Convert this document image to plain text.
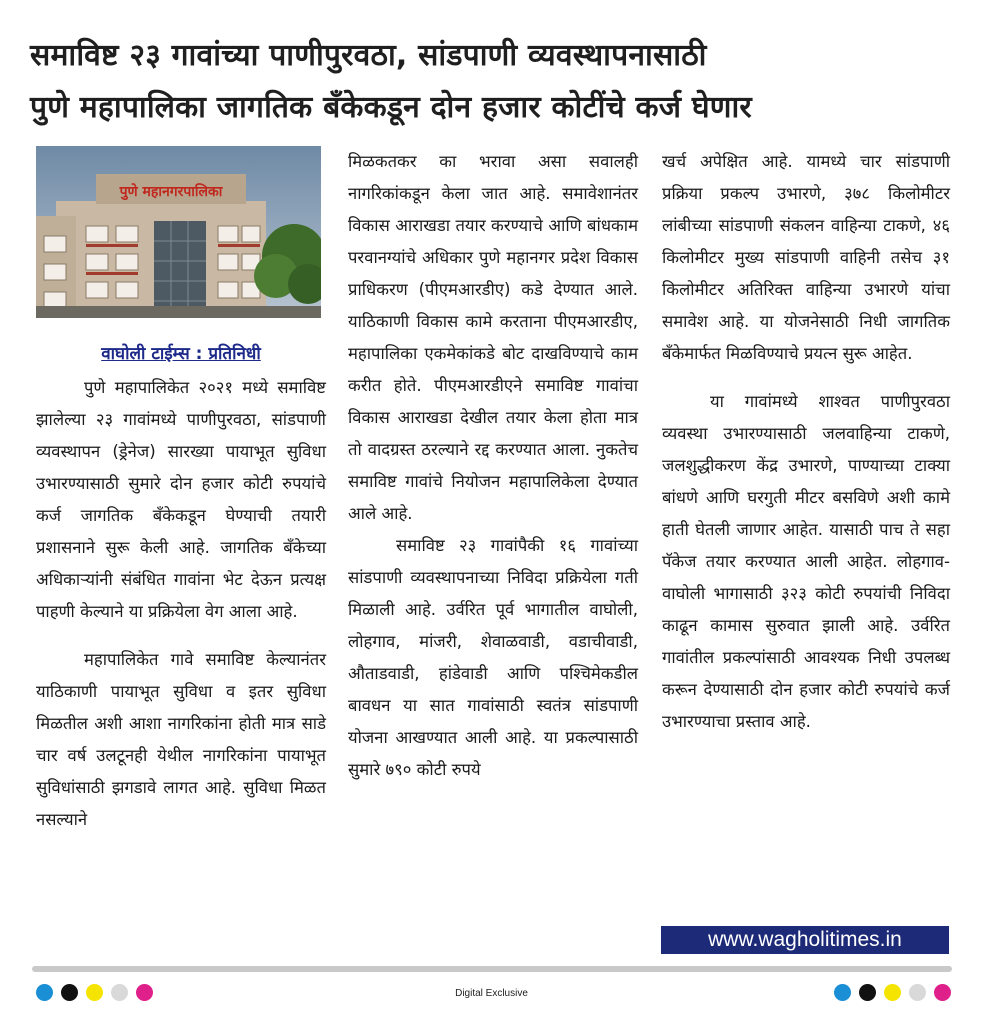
समाविष्ट २३ गावांच्या पाणीपुरवठा, सांडपाणी व्यवस्थापनासाठी
पुणे महापालिका जागतिक बँकेकडून दोन हजार कोटींचे कर्ज घेणार
पुणे महानगरपालिका
वाघोली टाईम्स : प्रतिनिधी

पुणे महापालिकेत २०२१ मध्ये समाविष्ट झालेल्या २३ गावांमध्ये पाणीपुरवठा, सांडपाणी व्यवस्थापन (ड्रेनेज) सारख्या पायाभूत सुविधा उभारण्यासाठी सुमारे दोन हजार कोटी रुपयांचे कर्ज जागतिक बँकेकडून घेण्याची तयारी प्रशासनाने सुरू केली आहे. जागतिक बँकेच्या अधिकाऱ्यांनी संबंधित गावांना भेट देऊन प्रत्यक्ष पाहणी केल्याने या प्रक्रियेला वेग आला आहे.

महापालिकेत गावे समाविष्ट केल्यानंतर याठिकाणी पायाभूत सुविधा व इतर सुविधा मिळतील अशी आशा नागरिकांना होती मात्र साडे चार वर्ष उलटूनही येथील नागरिकांना पायाभूत सुविधांसाठी झगडावे लागत आहे. सुविधा मिळत नसल्याने

मिळकतकर का भरावा असा सवालही नागरिकांकडून केला जात आहे. समावेशानंतर विकास आराखडा तयार करण्याचे आणि बांधकाम परवानग्यांचे अधिकार पुणे महानगर प्रदेश विकास प्राधिकरण (पीएमआरडीए) कडे देण्यात आले. याठिकाणी विकास कामे करताना पीएमआरडीए, महापालिका एकमेकांकडे बोट दाखविण्याचे काम करीत होते. पीएमआरडीएने समाविष्ट गावांचा विकास आराखडा देखील तयार केला होता मात्र तो वादग्रस्त ठरल्याने रद्द करण्यात आला. नुकतेच समाविष्ट गावांचे नियोजन महापालिकेला देण्यात आले आहे.

समाविष्ट २३ गावांपैकी १६ गावांच्या सांडपाणी व्यवस्थापनाच्या निविदा प्रक्रियेला गती मिळाली आहे. उर्वरित पूर्व भागातील वाघोली, लोहगाव, मांजरी, शेवाळवाडी, वडाचीवाडी, औताडवाडी, हांडेवाडी आणि पश्चिमेकडील बावधन या सात गावांसाठी स्वतंत्र सांडपाणी योजना आखण्यात आली आहे. या प्रकल्पासाठी सुमारे ७९० कोटी रुपये

खर्च अपेक्षित आहे. यामध्ये चार सांडपाणी प्रक्रिया प्रकल्प उभारणे, ३७८ किलोमीटर लांबीच्या सांडपाणी संकलन वाहिन्या टाकणे, ४६ किलोमीटर मुख्य सांडपाणी वाहिनी तसेच ३१ किलोमीटर अतिरिक्त वाहिन्या उभारणे यांचा समावेश आहे. या योजनेसाठी निधी जागतिक बँकेमार्फत मिळविण्याचे प्रयत्न सुरू आहेत.

या गावांमध्ये शाश्वत पाणीपुरवठा व्यवस्था उभारण्यासाठी जलवाहिन्या टाकणे, जलशुद्धीकरण केंद्र उभारणे, पाण्याच्या टाक्या बांधणे आणि घरगुती मीटर बसविणे अशी कामे हाती घेतली जाणार आहेत. यासाठी पाच ते सहा पॅकेज तयार करण्यात आली आहेत. लोहगाव-वाघोली भागासाठी ३२३ कोटी रुपयांची निविदा काढून कामास सुरुवात झाली आहे. उर्वरित गावांतील प्रकल्पांसाठी आवश्यक निधी उपलब्ध करून देण्यासाठी दोन हजार कोटी रुपयांचे कर्ज उभारण्याचा प्रस्ताव आहे.

www.wagholitimes.in
Digital Exclusive
